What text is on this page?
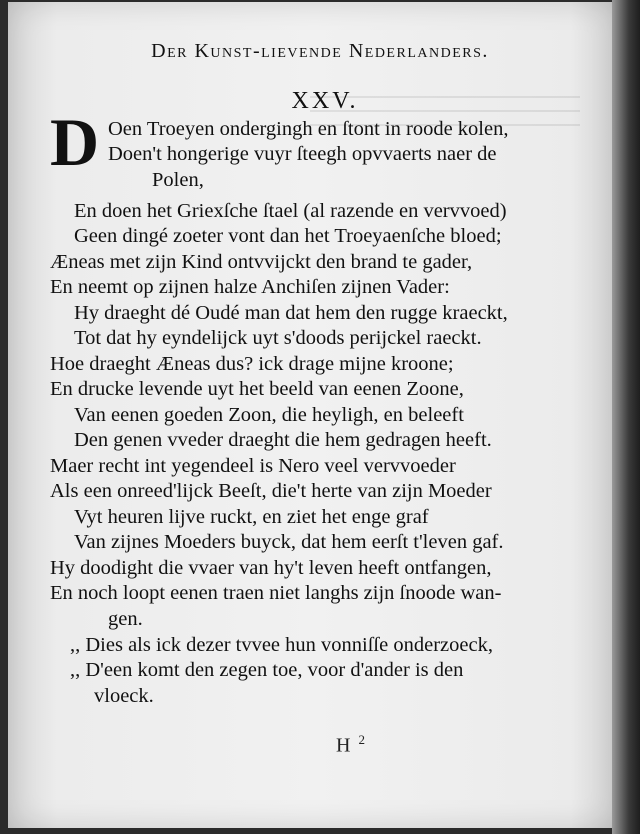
Der Kunst-lievende Nederlanders.
XXV.
D Oen Troeyen ondergingh en ſtont in roode kolen,
Doen't hongerige vuyr ſteegh opvvaerts naer de
Polen,
En doen het Griexſche ſtael (al razende en vervvoed)
Geen dingé zoeter vont dan het Troeyaenſche bloed;
Æneas met zijn Kind ontvvijckt den brand te gader,
En neemt op zijnen halze Anchiſen zijnen Vader:
Hy draeght dé Oudé man dat hem den rugge kraeckt,
Tot dat hy eyndelijck uyt s'doods perijckel raeckt.
Hoe draeght Æneas dus? ick drage mijne kroone;
En drucke levende uyt het beeld van eenen Zoone,
Van eenen goeden Zoon, die heyligh, en beleeft
Den genen vveder draeght die hem gedragen heeft.
Maer recht int yegendeel is Nero veel vervvoeder
Als een onreed'lijck Beeſt, die't herte van zijn Moeder
Vyt heuren lijve ruckt, en ziet het enge graf
Van zijnes Moeders buyck, dat hem eerſt t'leven gaf.
Hy doodight die vvaer van hy't leven heeft ontfangen,
En noch loopt eenen traen niet langhs zijn ſnoode wan-
gen.
,, Dies als ick dezer tvvee hun vonniſſe onderzoeck,
,, D'een komt den zegen toe, voor d'ander is den
vloeck.
H $^2$
